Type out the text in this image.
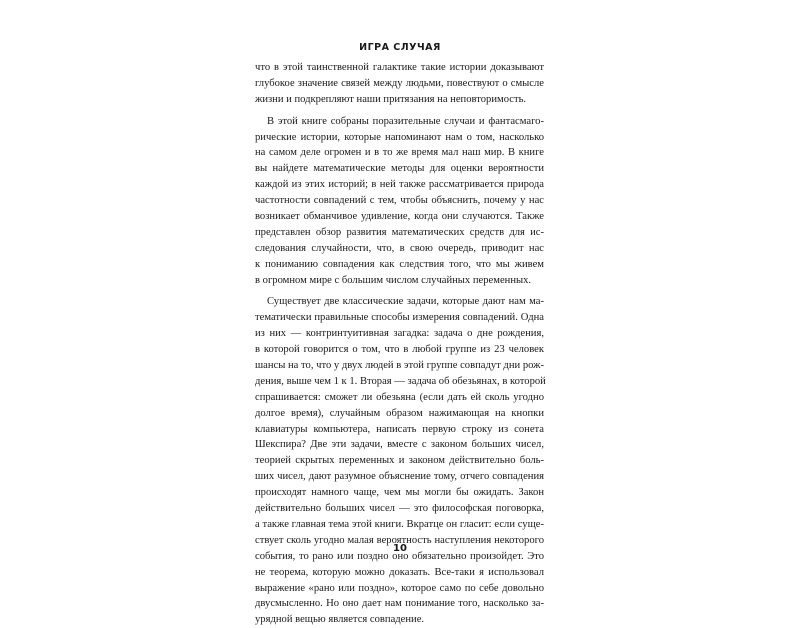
ИГРА СЛУЧАЯ
что в этой таинственной галактике такие истории доказывают
глубокое значение связей между людьми, повествуют о смысле
жизни и подкрепляют наши притязания на неповторимость.
В этой книге собраны поразительные случаи и фантасмаго-
рические истории, которые напоминают нам о том, насколько
на самом деле огромен и в то же время мал наш мир. В книге
вы найдете математические методы для оценки вероятности
каждой из этих историй; в ней также рассматривается природа
частотности совпадений с тем, чтобы объяснить, почему у нас
возникает обманчивое удивление, когда они случаются. Также
представлен обзор развития математических средств для ис-
следования случайности, что, в свою очередь, приводит нас
к пониманию совпадения как следствия того, что мы живем
в огромном мире с большим числом случайных переменных.
Существует две классические задачи, которые дают нам ма-
тематически правильные способы измерения совпадений. Одна
из них — контринтуитивная загадка: задача о дне рождения,
в которой говорится о том, что в любой группе из 23 человек
шансы на то, что у двух людей в этой группе совпадут дни рож-
дения, выше чем 1 к 1. Вторая — задача об обезьянах, в которой
спрашивается: сможет ли обезьяна (если дать ей сколь угодно
долгое время), случайным образом нажимающая на кнопки
клавиатуры компьютера, написать первую строку из сонета
Шекспира? Две эти задачи, вместе с законом больших чисел,
теорией скрытых переменных и законом действительно боль-
ших чисел, дают разумное объяснение тому, отчего совпадения
происходят намного чаще, чем мы могли бы ожидать. Закон
действительно больших чисел — это философская поговорка,
а также главная тема этой книги. Вкратце он гласит: если суще-
ствует сколь угодно малая вероятность наступления некоторого
события, то рано или поздно оно обязательно произойдет. Это
не теорема, которую можно доказать. Все-таки я использовал
выражение «рано или поздно», которое само по себе довольно
двусмысленно. Но оно дает нам понимание того, насколько за-
урядной вещью является совпадение.
10
